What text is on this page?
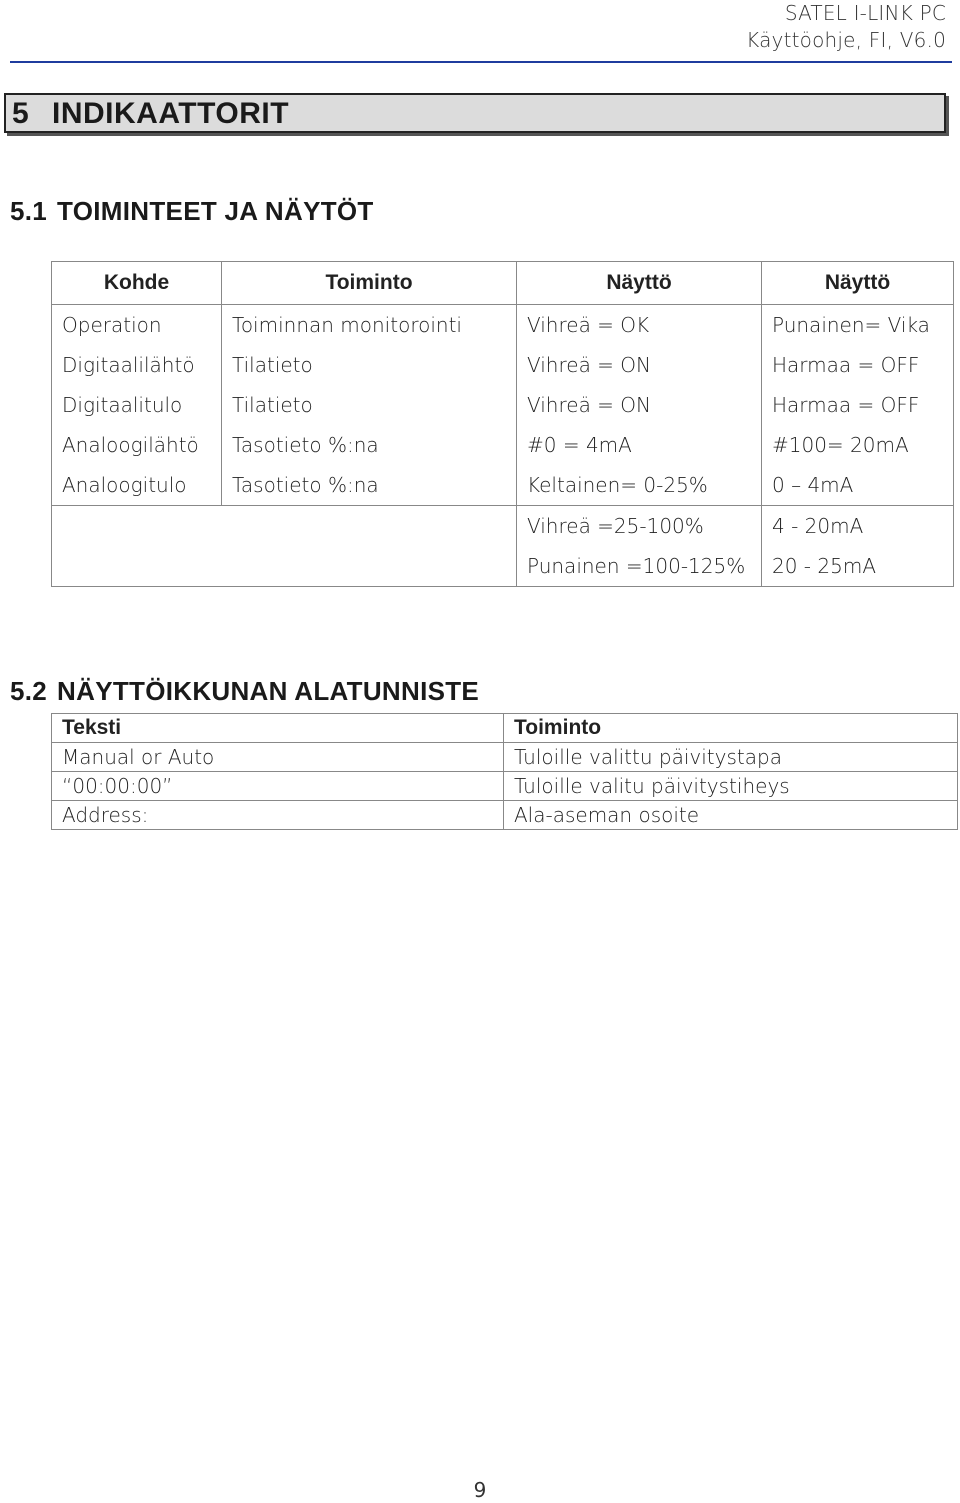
SATEL I-LINK PC
Käyttöohje, FI, V6.0
5 INDIKAATTORIT
5.1 TOIMINTEET JA NÄYTÖT
Kohde	Toiminto	Näyttö	Näyttö
Operation	Toiminnan monitorointi	Vihreä = OK	Punainen= Vika
Digitaalilähtö	Tilatieto	Vihreä = ON	Harmaa = OFF
Digitaalitulo	Tilatieto	Vihreä = ON	Harmaa = OFF
Analoogilähtö	Tasotieto %:na	#0 = 4mA	#100= 20mA
Analoogitulo	Tasotieto %:na	Keltainen= 0-25%	0 – 4mA
		Vihreä =25-100%	4 - 20mA
		Punainen =100-125%	20 - 25mA
5.2 NÄYTTÖIKKUNAN ALATUNNISTE
Teksti	Toiminto
Manual or Auto	Tuloille valittu päivitystapa
“00:00:00”	Tuloille valitu päivitystiheys
Address:	Ala-aseman osoite
9
